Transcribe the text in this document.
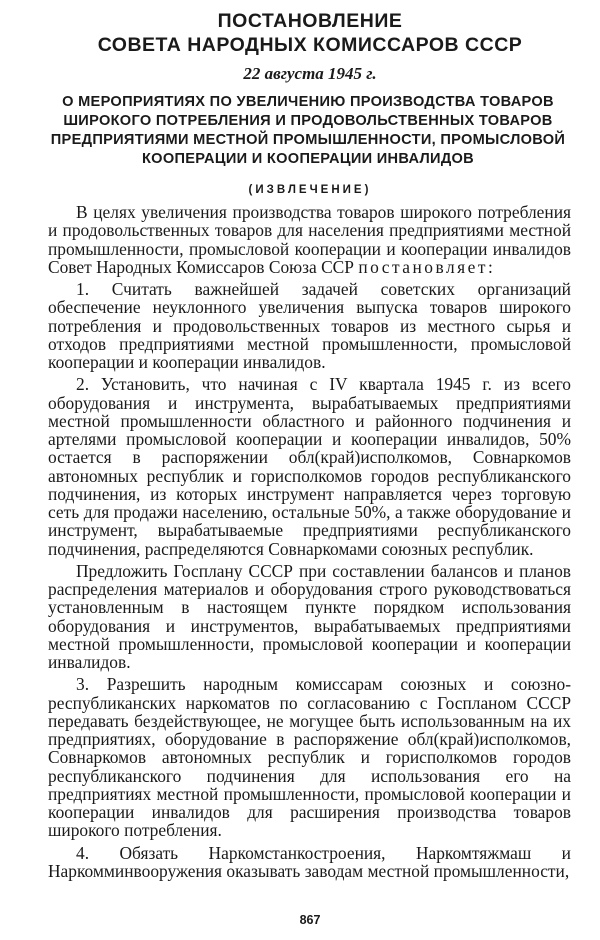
ПОСТАНОВЛЕНИЕ
СОВЕТА НАРОДНЫХ КОМИССАРОВ СССР
22 августа 1945 г.
О МЕРОПРИЯТИЯХ ПО УВЕЛИЧЕНИЮ ПРОИЗВОДСТВА ТОВАРОВ ШИРОКОГО ПОТРЕБЛЕНИЯ И ПРОДОВОЛЬСТВЕННЫХ ТОВАРОВ ПРЕДПРИЯТИЯМИ МЕСТНОЙ ПРОМЫШЛЕННОСТИ, ПРОМЫСЛОВОЙ КООПЕРАЦИИ И КООПЕРАЦИИ ИНВАЛИДОВ
(ИЗВЛЕЧЕНИЕ)

В целях увеличения производства товаров широкого потребления и продовольственных товаров для населения предприятиями местной промышленности, промысловой кооперации и кооперации инвалидов Совет Народных Комиссаров Союза ССР постановляет:

1. Считать важнейшей задачей советских организаций обеспечение неуклонного увеличения выпуска товаров широкого потребления и продовольственных товаров из местного сырья и отходов предприятиями местной промышленности, промысловой кооперации и кооперации инвалидов.

2. Установить, что начиная с IV квартала 1945 г. из всего оборудования и инструмента, вырабатываемых предприятиями местной промышленности областного и районного подчинения и артелями промысловой кооперации и кооперации инвалидов, 50% остается в распоряжении обл(край)исполкомов, Совнаркомов автономных республик и горисполкомов городов республиканского подчинения, из которых инструмент направляется через торговую сеть для продажи населению, остальные 50%, а также оборудование и инструмент, вырабатываемые предприятиями республиканского подчинения, распределяются Совнаркомами союзных республик.

Предложить Госплану СССР при составлении балансов и планов распределения материалов и оборудования строго руководствоваться установленным в настоящем пункте порядком использования оборудования и инструментов, вырабатываемых предприятиями местной промышленности, промысловой кооперации и кооперации инвалидов.

3. Разрешить народным комиссарам союзных и союзно-республиканских наркоматов по согласованию с Госпланом СССР передавать бездействующее, не могущее быть использованным на их предприятиях, оборудование в распоряжение обл(край)исполкомов, Совнаркомов автономных республик и горисполкомов городов республиканского подчинения для использования его на предприятиях местной промышленности, промысловой кооперации и кооперации инвалидов для расширения производства товаров широкого потребления.

4. Обязать Наркомстанкостроения, Наркомтяжмаш и Наркомминвооружения оказывать заводам местной промышленности,

867
